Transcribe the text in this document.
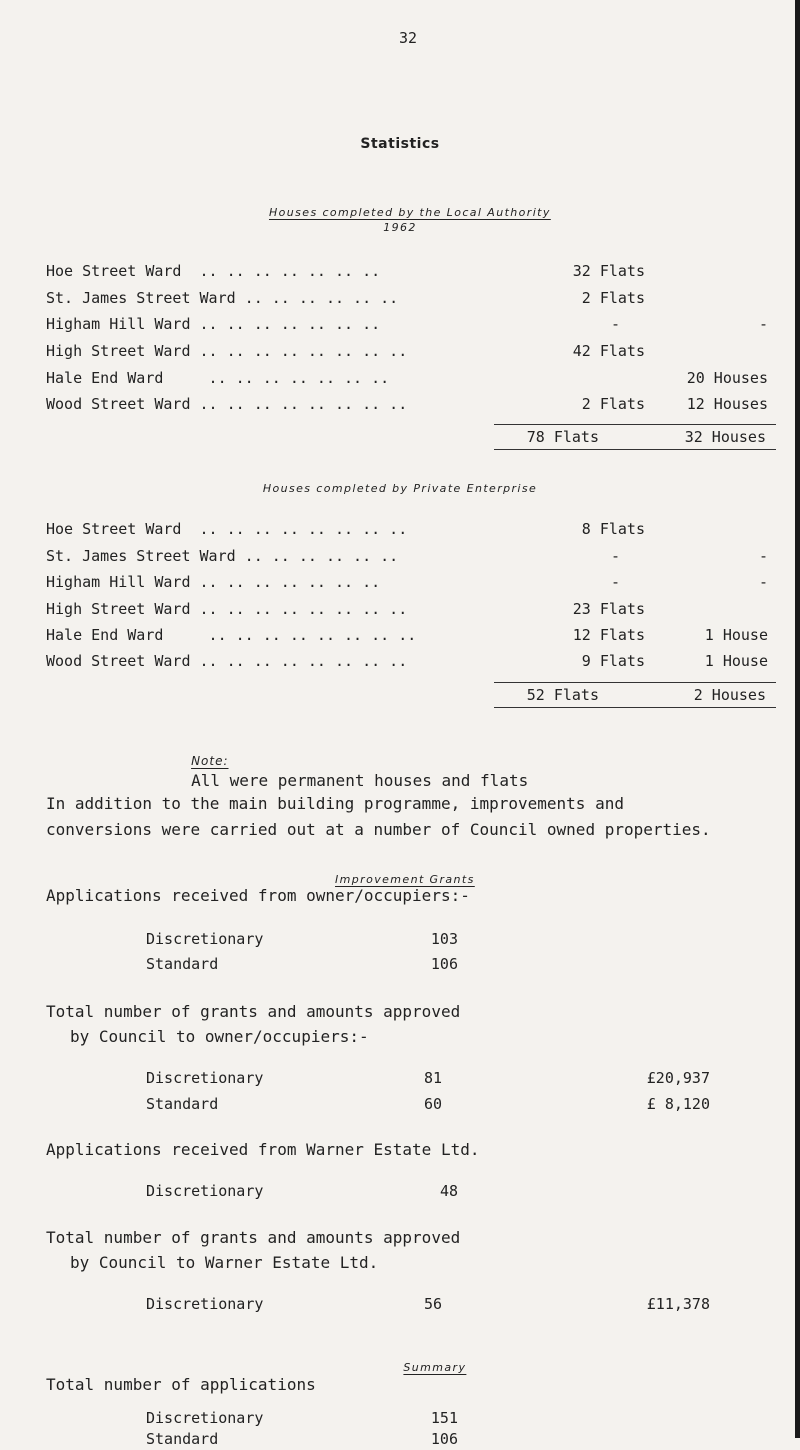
32
Statistics

Houses completed by the Local Authority

1962
Hoe Street Ward  .. .. .. .. .. .. ..	32 Flats
St. James Street Ward .. .. .. .. .. ..	2 Flats
Higham Hill Ward .. .. .. .. .. .. ..	-	-
High Street Ward .. .. .. .. .. .. .. ..	42 Flats
Hale End Ward     .. .. .. .. .. .. ..	20 Houses
Wood Street Ward .. .. .. .. .. .. .. ..	2 Flats	12 Houses
78 Flats	32 Houses
Houses completed by Private Enterprise
Hoe Street Ward  .. .. .. .. .. .. .. ..	8 Flats
St. James Street Ward .. .. .. .. .. ..	-	-
Higham Hill Ward .. .. .. .. .. .. ..	-	-
High Street Ward .. .. .. .. .. .. .. ..	23 Flats
Hale End Ward     .. .. .. .. .. .. .. ..	12 Flats	1 House
Wood Street Ward .. .. .. .. .. .. .. ..	9 Flats	1 House
52 Flats	2 Houses

Note:
All were permanent houses and flats

In addition to the main building programme, improvements and
conversions were carried out at a number of Council owned properties.

Improvement Grants

Applications received from owner/occupiers:-
Discretionary	103
Standard	106
Total number of grants and amounts approved
by Council to owner/occupiers:-
Discretionary	81	£20,937
Standard	60	£ 8,120
Applications received from Warner Estate Ltd.
Discretionary	48
Total number of grants and amounts approved
by Council to Warner Estate Ltd.
Discretionary	56	£11,378

Summary

Total number of applications
Discretionary	151
Standard	106
